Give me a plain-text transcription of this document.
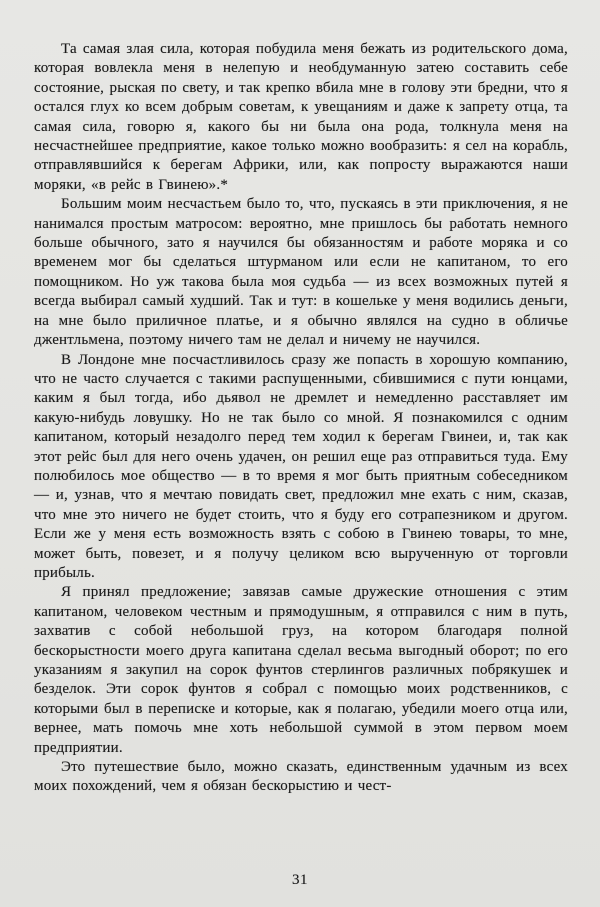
Та самая злая сила, которая побудила меня бежать из родительского дома, которая вовлекла меня в нелепую и необдуманную затею составить себе состояние, рыская по свету, и так крепко вбила мне в голову эти бредни, что я остался глух ко всем добрым советам, к увещаниям и даже к запрету отца, та самая сила, говорю я, какого бы ни была она рода, толкнула меня на несчастнейшее предприятие, какое только можно вообразить: я сел на корабль, отправлявшийся к берегам Африки, или, как попросту выражаются наши моряки, «в рейс в Гвинею».*

Большим моим несчастьем было то, что, пускаясь в эти приключения, я не нанимался простым матросом: вероятно, мне пришлось бы работать немного больше обычного, зато я научился бы обязанностям и работе моряка и со временем мог бы сделаться штурманом или если не капитаном, то его помощником. Но уж такова была моя судьба — из всех возможных путей я всегда выбирал самый худший. Так и тут: в кошельке у меня водились деньги, на мне было приличное платье, и я обычно являлся на судно в обличье джентльмена, поэтому ничего там не делал и ничему не научился.

В Лондоне мне посчастливилось сразу же попасть в хорошую компанию, что не часто случается с такими распущенными, сбившимися с пути юнцами, каким я был тогда, ибо дьявол не дремлет и немедленно расставляет им какую-нибудь ловушку. Но не так было со мной. Я познакомился с одним капитаном, который незадолго перед тем ходил к берегам Гвинеи, и, так как этот рейс был для него очень удачен, он решил еще раз отправиться туда. Ему полюбилось мое общество — в то время я мог быть приятным собеседником — и, узнав, что я мечтаю повидать свет, предложил мне ехать с ним, сказав, что мне это ничего не будет стоить, что я буду его сотрапезником и другом. Если же у меня есть возможность взять с собою в Гвинею товары, то мне, может быть, повезет, и я получу целиком всю вырученную от торговли прибыль.

Я принял предложение; завязав самые дружеские отношения с этим капитаном, человеком честным и прямодушным, я отправился с ним в путь, захватив с собой небольшой груз, на котором благодаря полной бескорыстности моего друга капитана сделал весьма выгодный оборот; по его указаниям я закупил на сорок фунтов стерлингов различных побрякушек и безделок. Эти сорок фунтов я собрал с помощью моих родственников, с которыми был в переписке и которые, как я полагаю, убедили моего отца или, вернее, мать помочь мне хоть небольшой суммой в этом первом моем предприятии.

Это путешествие было, можно сказать, единственным удачным из всех моих похождений, чем я обязан бескорыстию и чест-

31
